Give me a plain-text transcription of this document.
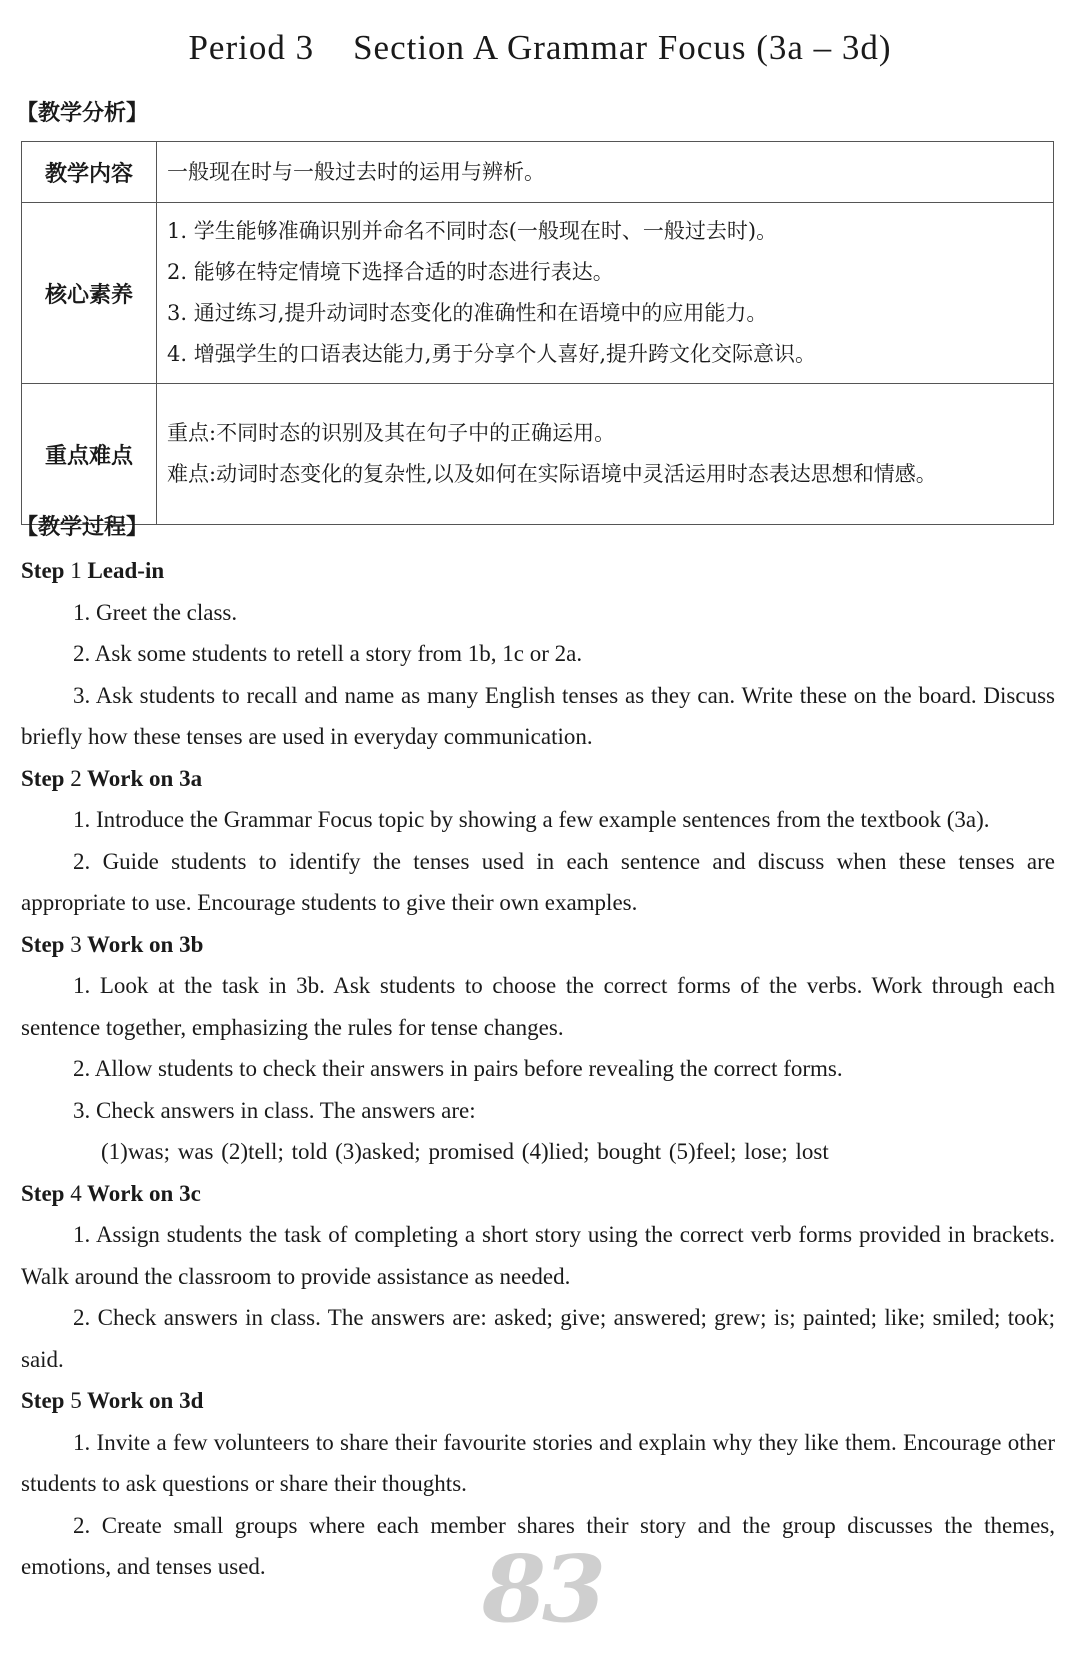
Period 3    Section A Grammar Focus (3a – 3d)
【教学分析】
教学内容	一般现在时与一般过去时的运用与辨析。
核心素养	1. 学生能够准确识别并命名不同时态(一般现在时、一般过去时)。
2. 能够在特定情境下选择合适的时态进行表达。
3. 通过练习,提升动词时态变化的准确性和在语境中的应用能力。
4. 增强学生的口语表达能力,勇于分享个人喜好,提升跨文化交际意识。

重点难点	重点:不同时态的识别及其在句子中的正确运用。
难点:动词时态变化的复杂性,以及如何在实际语境中灵活运用时态表达思想和情感。
【教学过程】
Step 1 Lead-in

1. Greet the class.

2. Ask some students to retell a story from 1b, 1c or 2a.

3. Ask students to recall and name as many English tenses as they can. Write these on the board. Discuss briefly how these tenses are used in everyday communication.

Step 2 Work on 3a

1. Introduce the Grammar Focus topic by showing a few example sentences from the textbook (3a).

2. Guide students to identify the tenses used in each sentence and discuss when these tenses are appropriate to use. Encourage students to give their own examples.

Step 3 Work on 3b

1. Look at the task in 3b. Ask students to choose the correct forms of the verbs. Work through each sentence together, emphasizing the rules for tense changes.

2. Allow students to check their answers in pairs before revealing the correct forms.

3. Check answers in class. The answers are:

(1)was; was (2)tell; told (3)asked; promised (4)lied; bought (5)feel; lose; lost

Step 4 Work on 3c

1. Assign students the task of completing a short story using the correct verb forms provided in brackets. Walk around the classroom to provide assistance as needed.

2. Check answers in class. The answers are: asked; give; answered; grew; is; painted; like; smiled; took; said.

Step 5 Work on 3d

1. Invite a few volunteers to share their favourite stories and explain why they like them. Encourage other students to ask questions or share their thoughts.

2. Create small groups where each member shares their story and the group discusses the themes, emotions, and tenses used.	83
